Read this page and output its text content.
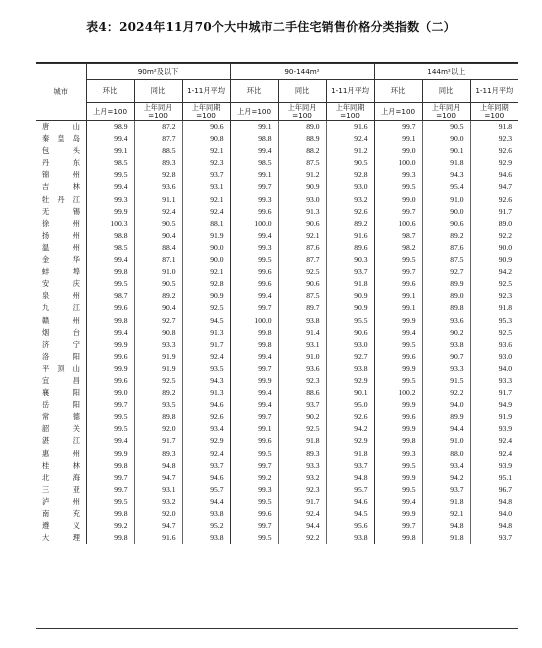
表4：2024年11月70个大中城市二手住宅销售价格分类指数（二）
城市	90m²及以下			90-144m²			144m²以上		
	环比	同比	1-11月平均	环比	同比	1-11月平均	环比	同比	1-11月平均
	上月=100	上年同月=100	上年同期=100	上月=100	上年同月=100	上年同期=100	上月=100	上年同月=100	上年同期=100

唐 山	98.9	87.2	90.6	99.1	89.0	91.6	99.7	90.5	91.8

秦 皇 岛	99.4	87.7	90.8	98.8	88.9	92.4	99.1	90.0	92.3

包 头	99.1	88.5	92.1	99.4	88.2	91.2	99.0	90.1	92.6

丹 东	98.5	89.3	92.3	98.5	87.5	90.5	100.0	91.8	92.9

锦 州	99.5	92.8	93.7	99.1	91.2	92.8	99.3	94.3	94.6

吉 林	99.4	93.6	93.1	99.7	90.9	93.0	99.5	95.4	94.7

牡 丹 江	99.3	91.1	92.1	99.3	93.0	93.2	99.0	91.0	92.6

无 锡	99.9	92.4	92.4	99.6	91.3	92.6	99.7	90.0	91.7

徐 州	100.3	90.5	88.1	100.0	90.6	89.2	100.6	90.6	89.0

扬 州	98.8	90.4	91.9	99.4	92.1	91.6	98.7	89.2	92.2

温 州	98.5	88.4	90.0	99.3	87.6	89.6	98.2	87.6	90.0

金 华	99.4	87.1	90.0	99.5	87.7	90.3	99.5	87.5	90.9

蚌 埠	99.8	91.0	92.1	99.6	92.5	93.7	99.7	92.7	94.2

安 庆	99.5	90.5	92.8	99.6	90.6	91.8	99.6	89.9	92.5

泉 州	98.7	89.2	90.9	99.4	87.5	90.9	99.1	89.0	92.3

九 江	99.6	90.4	92.5	99.7	89.7	90.9	99.1	89.8	91.8

赣 州	99.8	92.7	94.5	100.0	93.8	95.5	99.9	93.6	95.3

烟 台	99.4	90.8	91.3	99.8	91.4	90.6	99.4	90.2	92.5

济 宁	99.9	93.3	91.7	99.8	93.1	93.0	99.5	93.8	93.6

洛 阳	99.6	91.9	92.4	99.4	91.0	92.7	99.6	90.7	93.0

平 顶 山	99.9	91.9	93.5	99.7	93.6	93.8	99.9	93.3	94.0

宜 昌	99.6	92.5	94.3	99.9	92.3	92.9	99.5	91.5	93.3

襄 阳	99.0	89.2	91.3	99.4	88.6	90.1	100.2	92.2	91.7

岳 阳	99.7	93.5	94.6	99.4	93.7	95.0	99.9	94.0	94.9

常 德	99.5	89.8	92.6	99.7	90.2	92.6	99.6	89.9	91.9

韶 关	99.5	92.0	93.4	99.1	92.5	94.2	99.9	94.4	93.9

湛 江	99.4	91.7	92.9	99.6	91.8	92.9	99.8	91.0	92.4

惠 州	99.9	89.3	92.4	99.5	89.3	91.8	99.3	88.0	92.4

桂 林	99.8	94.8	93.7	99.7	93.3	93.7	99.5	93.4	93.9

北 海	99.7	94.7	94.6	99.2	93.2	94.8	99.9	94.2	95.1

三 亚	99.7	93.1	95.7	99.3	92.3	95.7	99.5	93.7	96.7

泸 州	99.5	93.2	94.4	99.5	91.7	94.6	99.4	91.8	94.8

南 充	99.8	92.0	93.8	99.6	92.4	94.5	99.9	92.1	94.0

遵 义	99.2	94.7	95.2	99.7	94.4	95.6	99.7	94.8	94.8

大 理	99.8	91.6	93.8	99.5	92.2	93.8	99.8	91.8	93.7
